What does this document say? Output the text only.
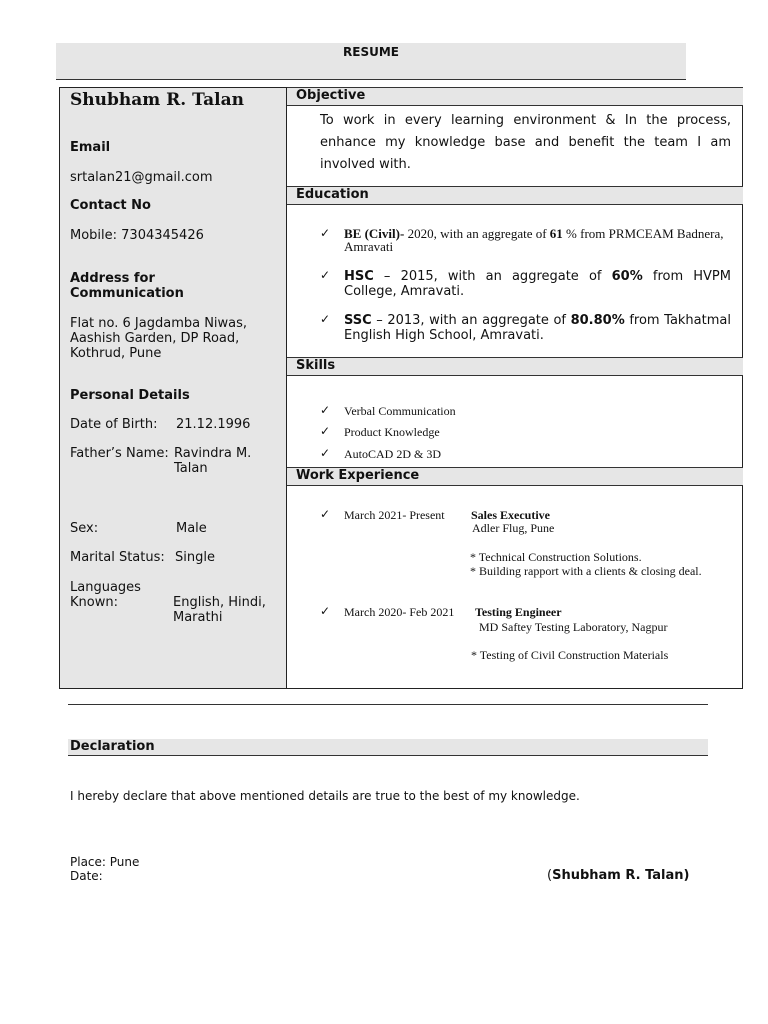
RESUME
Shubham R. Talan
Email
srtalan21@gmail.com
Contact No
Mobile: 7304345426
Address for
Communication
Flat no. 6 Jagdamba Niwas,
Aashish Garden, DP Road,
Kothrud, Pune
Personal Details
Date of Birth: 21.12.1996
Father’s Name: Ravindra M.
Talan
Sex:	Male
Marital Status: Single
Languages
Known:	English, Hindi,
Marathi
Objective
To work in every learning environment & In the process, enhance my knowledge base and benefit the team I am involved with.
Education
✓ BE (Civil)- 2020, with an aggregate of 61 % from PRMCEAM Badnera, Amravati
✓ HSC – 2015, with an aggregate of 60% from HVPM College, Amravati.
✓ SSC – 2013, with an aggregate of 80.80% from Takhatmal English High School, Amravati.
Skills
✓ Verbal Communication
✓ Product Knowledge
✓ AutoCAD 2D & 3D
Work Experience
✓ March 2021- Present Sales Executive
Adler Flug, Pune
* Technical Construction Solutions.
* Building rapport with a clients & closing deal.
✓ March 2020- Feb 2021 Testing Engineer
MD Saftey Testing Laboratory, Nagpur
* Testing of Civil Construction Materials
Declaration
I hereby declare that above mentioned details are true to the best of my knowledge.
Place: Pune
Date:	(Shubham R. Talan)
